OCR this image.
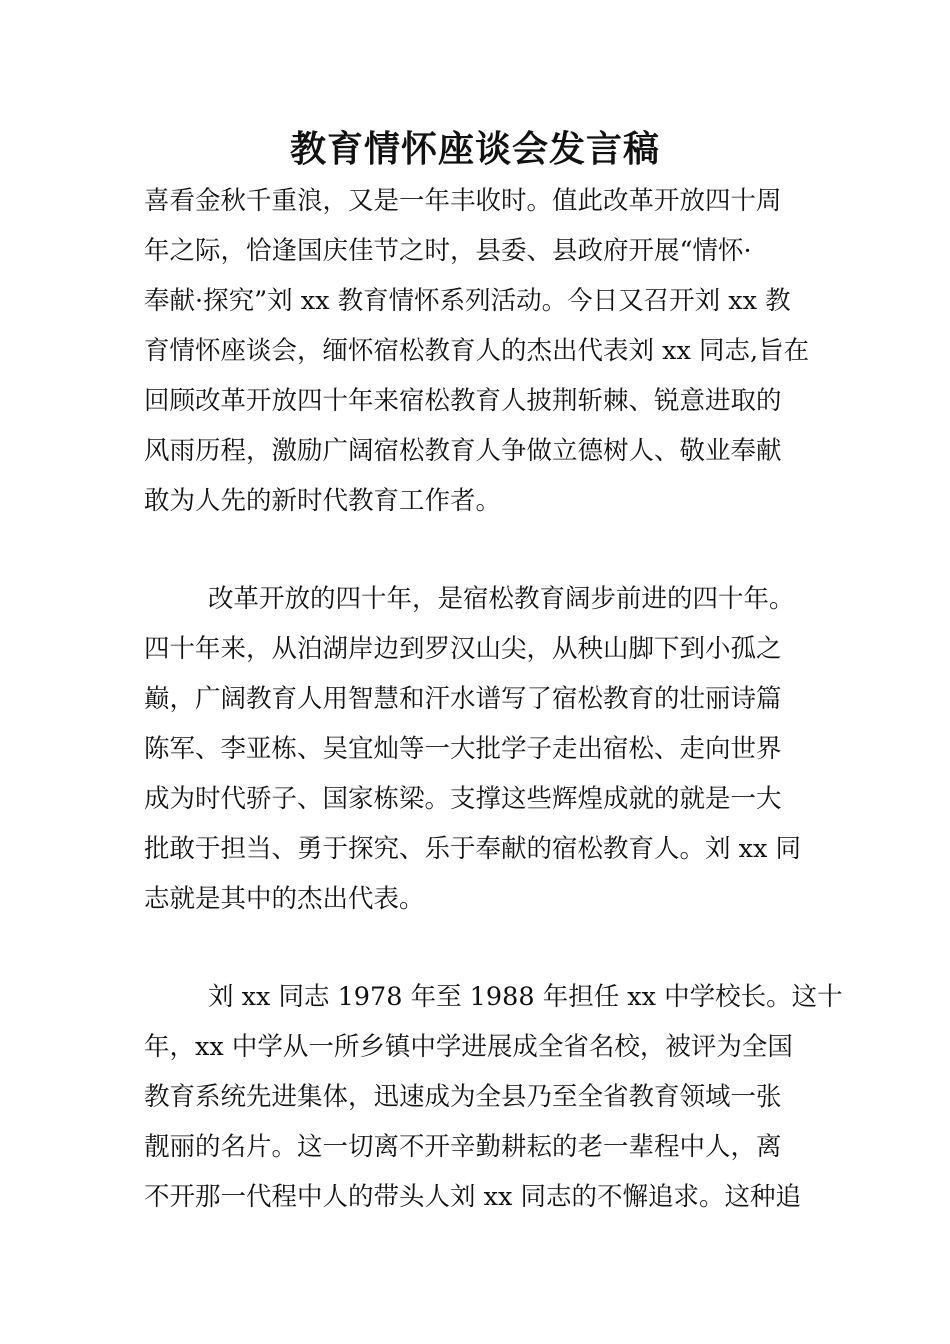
教育情怀座谈会发言稿
喜看金秋千重浪，又是一年丰收时。值此改革开放四十周
年之际，恰逢国庆佳节之时，县委、县政府开展“情怀·
奉献·探究”刘 xx 教育情怀系列活动。今日又召开刘 xx 教
育情怀座谈会，缅怀宿松教育人的杰出代表刘 xx 同志,旨在
回顾改革开放四十年来宿松教育人披荆斩棘、锐意进取的
风雨历程，激励广阔宿松教育人争做立德树人、敬业奉献
敢为人先的新时代教育工作者。
改革开放的四十年，是宿松教育阔步前进的四十年。
四十年来，从泊湖岸边到罗汉山尖，从秧山脚下到小孤之
巅，广阔教育人用智慧和汗水谱写了宿松教育的壮丽诗篇
陈军、李亚栋、吴宜灿等一大批学子走出宿松、走向世界
成为时代骄子、国家栋梁。支撑这些辉煌成就的就是一大
批敢于担当、勇于探究、乐于奉献的宿松教育人。刘 xx 同
志就是其中的杰出代表。
刘 xx 同志 1978 年至 1988 年担任 xx 中学校长。这十
年，xx 中学从一所乡镇中学进展成全省名校，被评为全国
教育系统先进集体，迅速成为全县乃至全省教育领域一张
靓丽的名片。这一切离不开辛勤耕耘的老一辈程中人，离
不开那一代程中人的带头人刘 xx 同志的不懈追求。这种追
